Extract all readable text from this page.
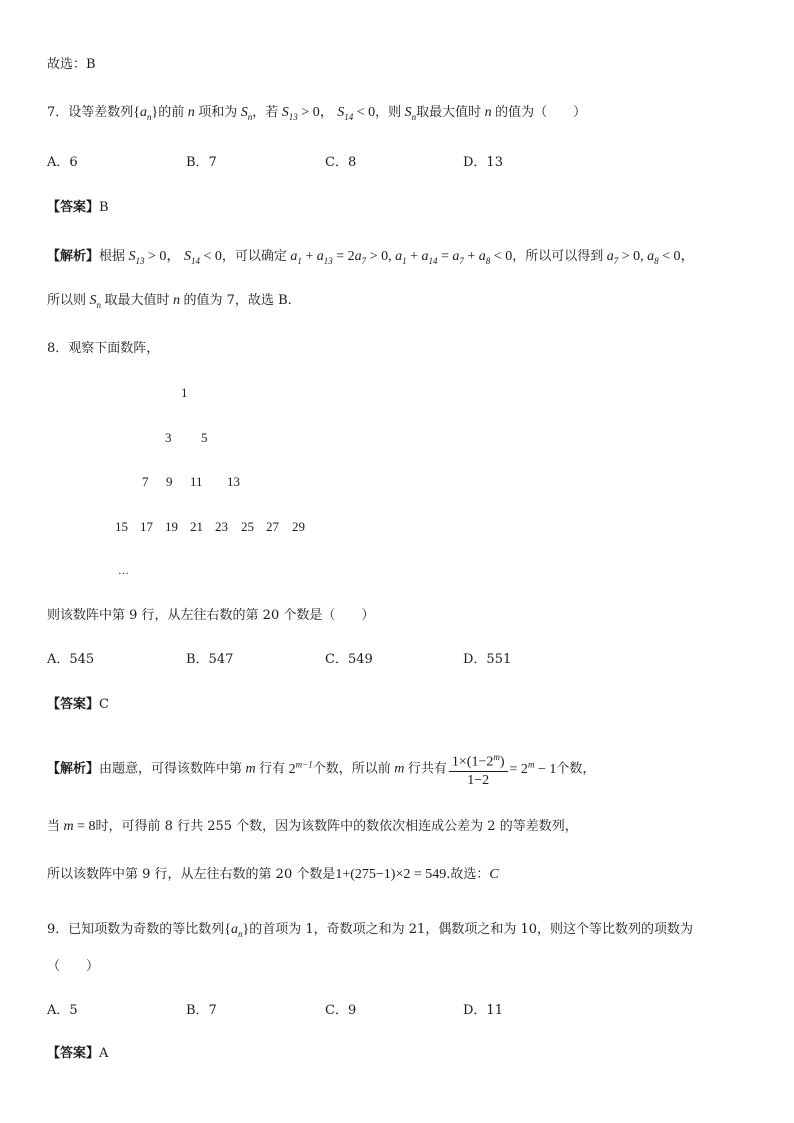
故选：B
7．设等差数列$\{a_n\}$的前 n 项和为 $S_n$，若 $S_{13} > 0$， $S_{14} < 0$，则 $S_n$取最大值时 n 的值为（　　）
A．6	B．7	C．8	D．13
【答案】B
【解析】根据 $S_{13} > 0$， $S_{14} < 0$，可以确定 $a_1 + a_{13} = 2a_7 > 0$, $a_1 + a_{14} = a_7 + a_8 < 0$，所以可以得到 $a_7 > 0$, $a_8 < 0$，
所以则 $S_n$ 取最大值时 n 的值为 7，故选 B.
8．观察下面数阵，
1
3 5
7 9 11 13
15 17 19 21 23 25 27 29
…
则该数阵中第 9 行，从左往右数的第 20 个数是（　　）
A．545	B．547	C．549	D．551
【答案】C
【解析】由题意，可得该数阵中第 m 行有 $2^{m-1}$个数，所以前 m 行共有 $\frac{1\times(1-2^m)}{1-2} = 2^m - 1$个数，
当 m = 8时，可得前 8 行共 255 个数，因为该数阵中的数依次相连成公差为 2 的等差数列，
所以该数阵中第 9 行，从左往右数的第 20 个数是1+(275−1)×2 = 549.故选：C
9．已知项数为奇数的等比数列$\{a_n\}$的首项为 1，奇数项之和为 21，偶数项之和为 10，则这个等比数列的项数为
（　　）
A．5	B．7	C．9	D．11
【答案】A
